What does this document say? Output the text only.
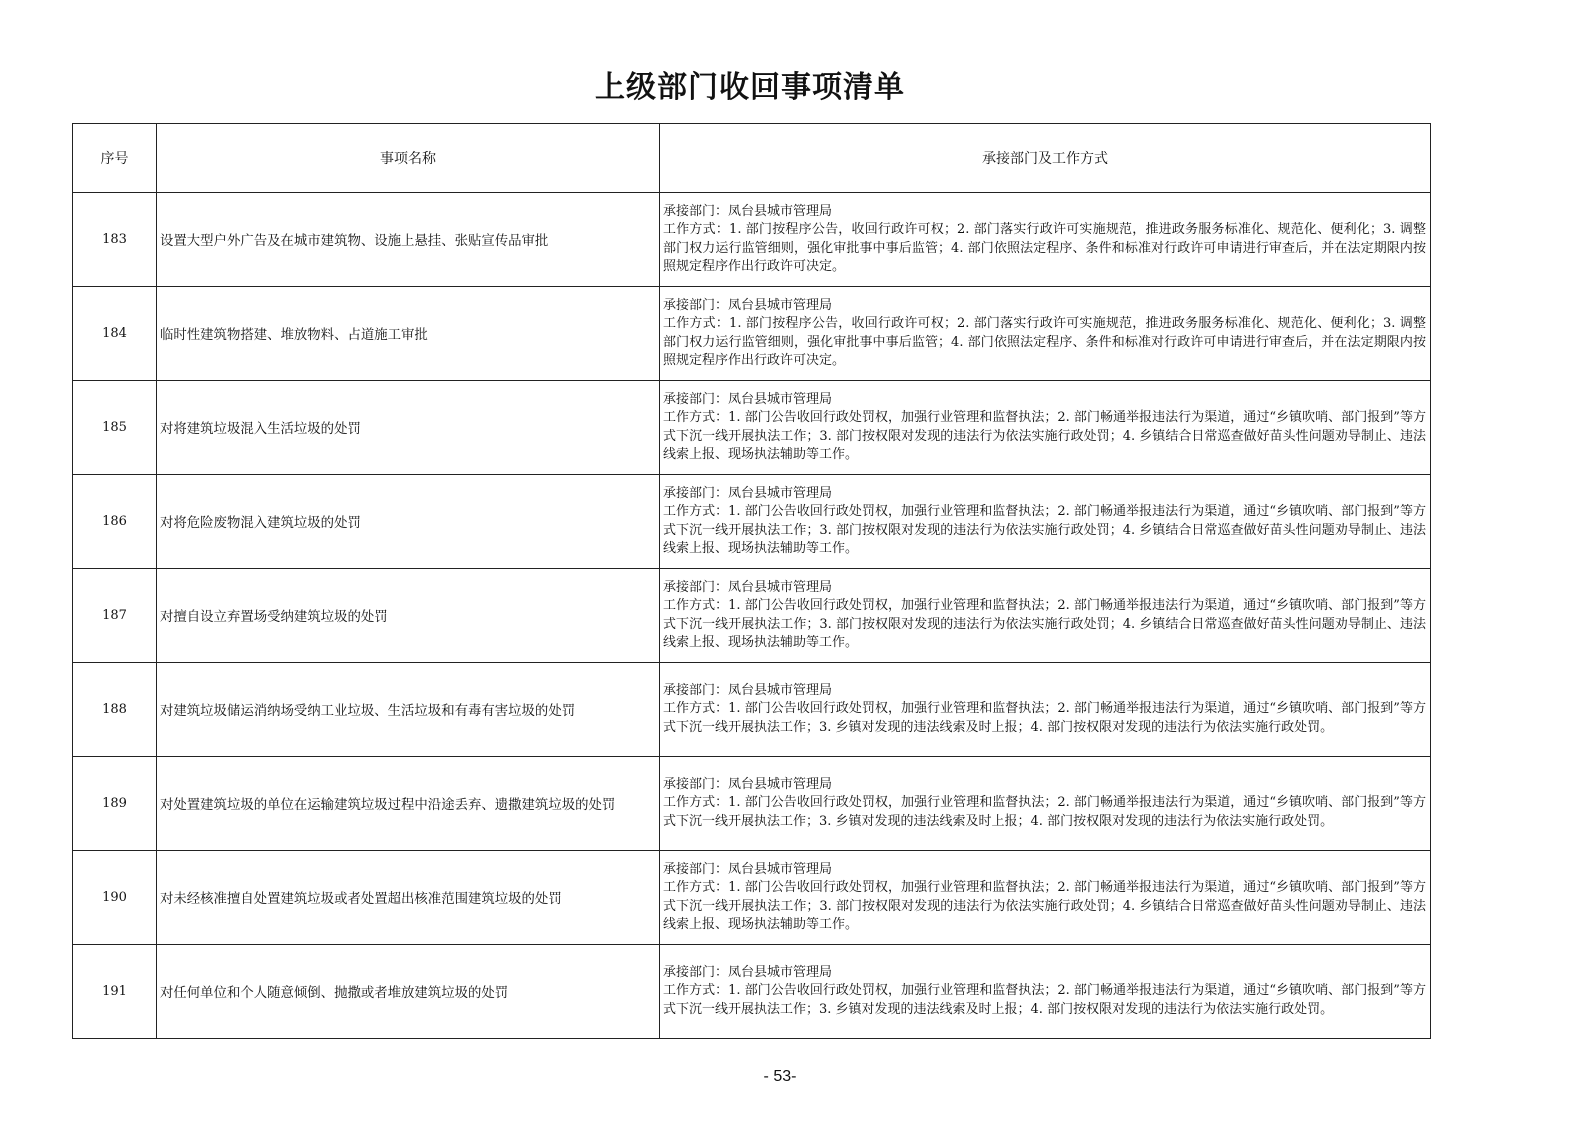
上级部门收回事项清单
序号	事项名称	承接部门及工作方式
183	设置大型户外广告及在城市建筑物、设施上悬挂、张贴宣传品审批	承接部门：凤台县城市管理局
工作方式：1. 部门按程序公告，收回行政许可权；2. 部门落实行政许可实施规范，推进政务服务标准化、规范化、便利化；3. 调整部门权力运行监管细则，强化审批事中事后监管；4. 部门依照法定程序、条件和标准对行政许可申请进行审查后，并在法定期限内按照规定程序作出行政许可决定。

184	临时性建筑物搭建、堆放物料、占道施工审批	承接部门：凤台县城市管理局
工作方式：1. 部门按程序公告，收回行政许可权；2. 部门落实行政许可实施规范，推进政务服务标准化、规范化、便利化；3. 调整部门权力运行监管细则，强化审批事中事后监管；4. 部门依照法定程序、条件和标准对行政许可申请进行审查后，并在法定期限内按照规定程序作出行政许可决定。

185	对将建筑垃圾混入生活垃圾的处罚	承接部门：凤台县城市管理局
工作方式：1. 部门公告收回行政处罚权，加强行业管理和监督执法；2. 部门畅通举报违法行为渠道，通过“乡镇吹哨、部门报到”等方式下沉一线开展执法工作；3. 部门按权限对发现的违法行为依法实施行政处罚；4. 乡镇结合日常巡查做好苗头性问题劝导制止、违法线索上报、现场执法辅助等工作。

186	对将危险废物混入建筑垃圾的处罚	承接部门：凤台县城市管理局
工作方式：1. 部门公告收回行政处罚权，加强行业管理和监督执法；2. 部门畅通举报违法行为渠道，通过“乡镇吹哨、部门报到”等方式下沉一线开展执法工作；3. 部门按权限对发现的违法行为依法实施行政处罚；4. 乡镇结合日常巡查做好苗头性问题劝导制止、违法线索上报、现场执法辅助等工作。

187	对擅自设立弃置场受纳建筑垃圾的处罚	承接部门：凤台县城市管理局
工作方式：1. 部门公告收回行政处罚权，加强行业管理和监督执法；2. 部门畅通举报违法行为渠道，通过“乡镇吹哨、部门报到”等方式下沉一线开展执法工作；3. 部门按权限对发现的违法行为依法实施行政处罚；4. 乡镇结合日常巡查做好苗头性问题劝导制止、违法线索上报、现场执法辅助等工作。

188	对建筑垃圾储运消纳场受纳工业垃圾、生活垃圾和有毒有害垃圾的处罚	承接部门：凤台县城市管理局
工作方式：1. 部门公告收回行政处罚权，加强行业管理和监督执法；2. 部门畅通举报违法行为渠道，通过“乡镇吹哨、部门报到”等方式下沉一线开展执法工作；3. 乡镇对发现的违法线索及时上报；4. 部门按权限对发现的违法行为依法实施行政处罚。

189	对处置建筑垃圾的单位在运输建筑垃圾过程中沿途丢弃、遗撒建筑垃圾的处罚	承接部门：凤台县城市管理局
工作方式：1. 部门公告收回行政处罚权，加强行业管理和监督执法；2. 部门畅通举报违法行为渠道，通过“乡镇吹哨、部门报到”等方式下沉一线开展执法工作；3. 乡镇对发现的违法线索及时上报；4. 部门按权限对发现的违法行为依法实施行政处罚。

190	对未经核准擅自处置建筑垃圾或者处置超出核准范围建筑垃圾的处罚	承接部门：凤台县城市管理局
工作方式：1. 部门公告收回行政处罚权，加强行业管理和监督执法；2. 部门畅通举报违法行为渠道，通过“乡镇吹哨、部门报到”等方式下沉一线开展执法工作；3. 部门按权限对发现的违法行为依法实施行政处罚；4. 乡镇结合日常巡查做好苗头性问题劝导制止、违法线索上报、现场执法辅助等工作。

191	对任何单位和个人随意倾倒、抛撒或者堆放建筑垃圾的处罚	承接部门：凤台县城市管理局
工作方式：1. 部门公告收回行政处罚权，加强行业管理和监督执法；2. 部门畅通举报违法行为渠道，通过“乡镇吹哨、部门报到”等方式下沉一线开展执法工作；3. 乡镇对发现的违法线索及时上报；4. 部门按权限对发现的违法行为依法实施行政处罚。
- 53-
